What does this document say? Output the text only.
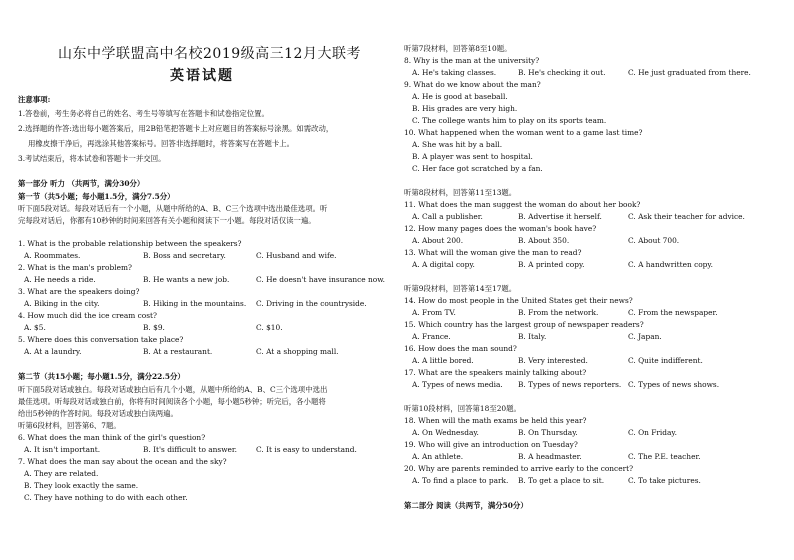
山东中学联盟高中名校2019级高三12月大联考
英语试题
注意事项:
1.答卷前，考生务必将自己的姓名、考生号等填写在答题卡和试卷指定位置。
2.选择题的作答:选出每小题答案后，用2B铅笔把答题卡上对应题目的答案标号涂黑。如需改动，
用橡皮擦干净后，再选涂其他答案标号。回答非选择题时，将答案写在答题卡上。
3.考试结束后，将本试卷和答题卡一并交回。
第一部分 听力 （共两节，满分30分）
第一节（共5小题；每小题1.5分，满分7.5分）
听下面5段对话。每段对话后有一个小题，从题中所给的A、B、C三个选项中选出最佳选项。听
完每段对话后，你都有10秒钟的时间来回答有关小题和阅读下一小题。每段对话仅读一遍。
1. What is the probable relationship between the speakers?
A. Roommates.	B. Boss and secretary.	C. Husband and wife.
2. What is the man's problem?
A. He needs a ride.	B. He wants a new job.	C. He doesn't have insurance now.
3. What are the speakers doing?
A. Biking in the city.	B. Hiking in the mountains. C. Driving in the countryside.
4. How much did the ice cream cost?
A. $5.	B. $9.	C. $10.
5. Where does this conversation take place?
A. At a laundry.	B. At a restaurant.	C. At a shopping mall.
第二节（共15小题；每小题1.5分，满分22.5分）
听下面5段对话或独白。每段对话或独白后有几个小题，从题中所给的A、B、C三个选项中选出
最佳选项。听每段对话或独白前，你将有时间阅读各个小题，每小题5秒钟；听完后，各小题将
给出5秒钟的作答时间。每段对话或独白读两遍。
听第6段材料，回答第6、7题。
6. What does the man think of the girl's question?
A. It isn't important.	B. It's difficult to answer.	C. It is easy to understand.
7. What does the man say about the ocean and the sky?
A. They are related.
B. They look exactly the same.
C. They have nothing to do with each other.
听第7段材料，回答第8至10题。
8. Why is the man at the university?
A. He's taking classes.	B. He's checking it out.	C. He just graduated from there.
9. What do we know about the man?
A. He is good at baseball.
B. His grades are very high.
C. The college wants him to play on its sports team.
10. What happened when the woman went to a game last time?
A. She was hit by a ball.
B. A player was sent to hospital.
C. Her face got scratched by a fan.
听第8段材料，回答第11至13题。
11. What does the man suggest the woman do about her book?
A. Call a publisher.	B. Advertise it herself.	C. Ask their teacher for advice.
12. How many pages does the woman's book have?
A. About 200.	B. About 350.	C. About 700.
13. What will the woman give the man to read?
A. A digital copy.	B. A printed copy.	C. A handwritten copy.
听第9段材料，回答第14至17题。
14. How do most people in the United States get their news?
A. From TV.	B. From the network.	C. From the newspaper.
15. Which country has the largest group of newspaper readers?
A. France.	B. Italy.	C. Japan.
16. How does the man sound?
A. A little bored.	B. Very interested.	C. Quite indifferent.
17. What are the speakers mainly talking about?
A. Types of news media. B. Types of news reporters. C. Types of news shows.
听第10段材料，回答第18至20题。
18. When will the math exams be held this year?
A. On Wednesday.	B. On Thursday.	C. On Friday.
19. Who will give an introduction on Tuesday?
A. An athlete.	B. A headmaster.	C. The P.E. teacher.
20. Why are parents reminded to arrive early to the concert?
A. To find a place to park. B. To get a place to sit.	C. To take pictures.
第二部分 阅读（共两节，满分50分）
